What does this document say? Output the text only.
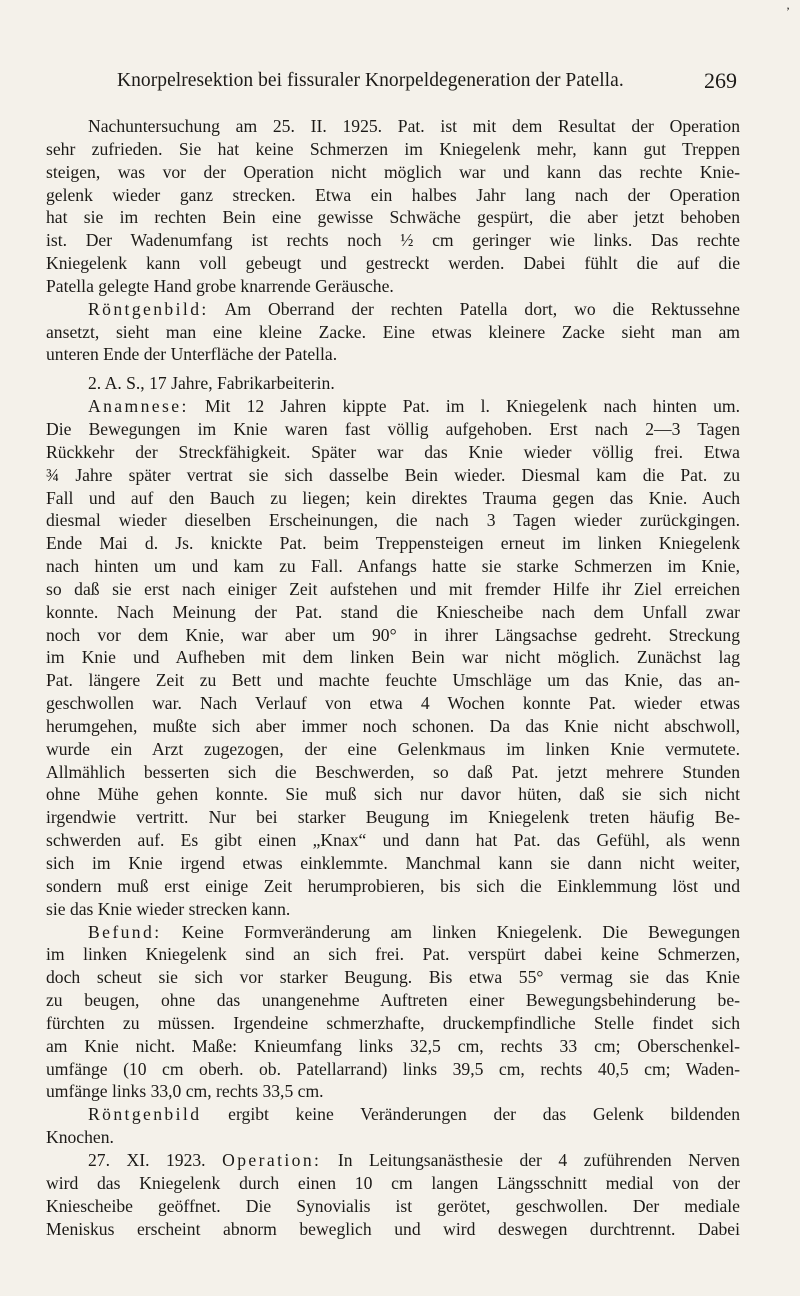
’
Knorpelresektion bei fissuraler Knorpeldegeneration der Patella.	269
Nachuntersuchung am 25. II. 1925. Pat. ist mit dem Resultat der Operation
sehr zufrieden. Sie hat keine Schmerzen im Kniegelenk mehr, kann gut Treppen
steigen, was vor der Operation nicht möglich war und kann das rechte Knie-
gelenk wieder ganz strecken. Etwa ein halbes Jahr lang nach der Operation
hat sie im rechten Bein eine gewisse Schwäche gespürt, die aber jetzt behoben
ist. Der Wadenumfang ist rechts noch ½ cm geringer wie links. Das rechte
Kniegelenk kann voll gebeugt und gestreckt werden. Dabei fühlt die auf die
Patella gelegte Hand grobe knarrende Geräusche.
Röntgenbild: Am Oberrand der rechten Patella dort, wo die Rektussehne
ansetzt, sieht man eine kleine Zacke. Eine etwas kleinere Zacke sieht man am
unteren Ende der Unterfläche der Patella.
2. A. S., 17 Jahre, Fabrikarbeiterin.
Anamnese: Mit 12 Jahren kippte Pat. im l. Kniegelenk nach hinten um.
Die Bewegungen im Knie waren fast völlig aufgehoben. Erst nach 2—3 Tagen
Rückkehr der Streckfähigkeit. Später war das Knie wieder völlig frei. Etwa
¾ Jahre später vertrat sie sich dasselbe Bein wieder. Diesmal kam die Pat. zu
Fall und auf den Bauch zu liegen; kein direktes Trauma gegen das Knie. Auch
diesmal wieder dieselben Erscheinungen, die nach 3 Tagen wieder zurückgingen.
Ende Mai d. Js. knickte Pat. beim Treppensteigen erneut im linken Kniegelenk
nach hinten um und kam zu Fall. Anfangs hatte sie starke Schmerzen im Knie,
so daß sie erst nach einiger Zeit aufstehen und mit fremder Hilfe ihr Ziel erreichen
konnte. Nach Meinung der Pat. stand die Kniescheibe nach dem Unfall zwar
noch vor dem Knie, war aber um 90° in ihrer Längsachse gedreht. Streckung
im Knie und Aufheben mit dem linken Bein war nicht möglich. Zunächst lag
Pat. längere Zeit zu Bett und machte feuchte Umschläge um das Knie, das an-
geschwollen war. Nach Verlauf von etwa 4 Wochen konnte Pat. wieder etwas
herumgehen, mußte sich aber immer noch schonen. Da das Knie nicht abschwoll,
wurde ein Arzt zugezogen, der eine Gelenkmaus im linken Knie vermutete.
Allmählich besserten sich die Beschwerden, so daß Pat. jetzt mehrere Stunden
ohne Mühe gehen konnte. Sie muß sich nur davor hüten, daß sie sich nicht
irgendwie vertritt. Nur bei starker Beugung im Kniegelenk treten häufig Be-
schwerden auf. Es gibt einen „Knax“ und dann hat Pat. das Gefühl, als wenn
sich im Knie irgend etwas einklemmte. Manchmal kann sie dann nicht weiter,
sondern muß erst einige Zeit herumprobieren, bis sich die Einklemmung löst und
sie das Knie wieder strecken kann.
Befund: Keine Formveränderung am linken Kniegelenk. Die Bewegungen
im linken Kniegelenk sind an sich frei. Pat. verspürt dabei keine Schmerzen,
doch scheut sie sich vor starker Beugung. Bis etwa 55° vermag sie das Knie
zu beugen, ohne das unangenehme Auftreten einer Bewegungsbehinderung be-
fürchten zu müssen. Irgendeine schmerzhafte, druckempfindliche Stelle findet sich
am Knie nicht. Maße: Knieumfang links 32,5 cm, rechts 33 cm; Oberschenkel-
umfänge (10 cm oberh. ob. Patellarrand) links 39,5 cm, rechts 40,5 cm; Waden-
umfänge links 33,0 cm, rechts 33,5 cm.
Röntgenbild ergibt keine Veränderungen der das Gelenk bildenden
Knochen.
27. XI. 1923. Operation: In Leitungsanästhesie der 4 zuführenden Nerven
wird das Kniegelenk durch einen 10 cm langen Längsschnitt medial von der
Kniescheibe geöffnet. Die Synovialis ist gerötet, geschwollen. Der mediale
Meniskus erscheint abnorm beweglich und wird deswegen durchtrennt. Dabei
